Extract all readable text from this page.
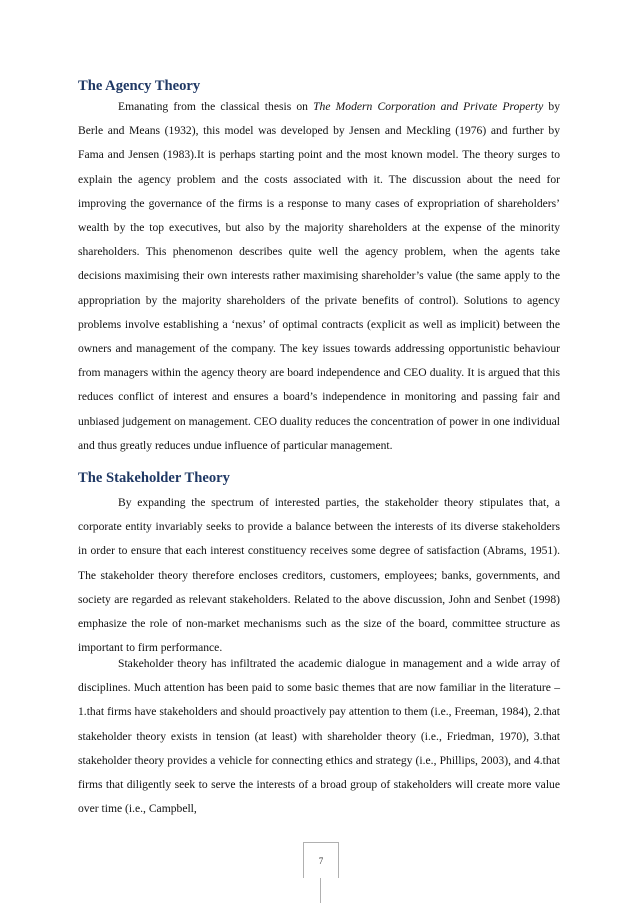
The Agency Theory

Emanating from the classical thesis on The Modern Corporation and Private Property by Berle and Means (1932), this model was developed by Jensen and Meckling (1976) and further by Fama and Jensen (1983).It is perhaps starting point and the most known model. The theory surges to explain the agency problem and the costs associated with it. The discussion about the need for improving the governance of the firms is a response to many cases of expropriation of shareholders’ wealth by the top executives, but also by the majority shareholders at the expense of the minority shareholders. This phenomenon describes quite well the agency problem, when the agents take decisions maximising their own interests rather maximising shareholder’s value (the same apply to the appropriation by the majority shareholders of the private benefits of control). Solutions to agency problems involve establishing a ‘nexus’ of optimal contracts (explicit as well as implicit) between the owners and management of the company. The key issues towards addressing opportunistic behaviour from managers within the agency theory are board independence and CEO duality. It is argued that this reduces conflict of interest and ensures a board’s independence in monitoring and passing fair and unbiased judgement on management. CEO duality reduces the concentration of power in one individual and thus greatly reduces undue influence of particular management.

The Stakeholder Theory

By expanding the spectrum of interested parties, the stakeholder theory stipulates that, a corporate entity invariably seeks to provide a balance between the interests of its diverse stakeholders in order to ensure that each interest constituency receives some degree of satisfaction (Abrams, 1951). The stakeholder theory therefore encloses creditors, customers, employees; banks, governments, and society are regarded as relevant stakeholders. Related to the above discussion, John and Senbet (1998) emphasize the role of non-market mechanisms such as the size of the board, committee structure as important to firm performance.

Stakeholder theory has infiltrated the academic dialogue in management and a wide array of disciplines. Much attention has been paid to some basic themes that are now familiar in the literature – 1.that firms have stakeholders and should proactively pay attention to them (i.e., Freeman, 1984), 2.that stakeholder theory exists in tension (at least) with shareholder theory (i.e., Friedman, 1970), 3.that stakeholder theory provides a vehicle for connecting ethics and strategy (i.e., Phillips, 2003), and 4.that firms that diligently seek to serve the interests of a broad group of stakeholders will create more value over time (i.e., Campbell,

7
